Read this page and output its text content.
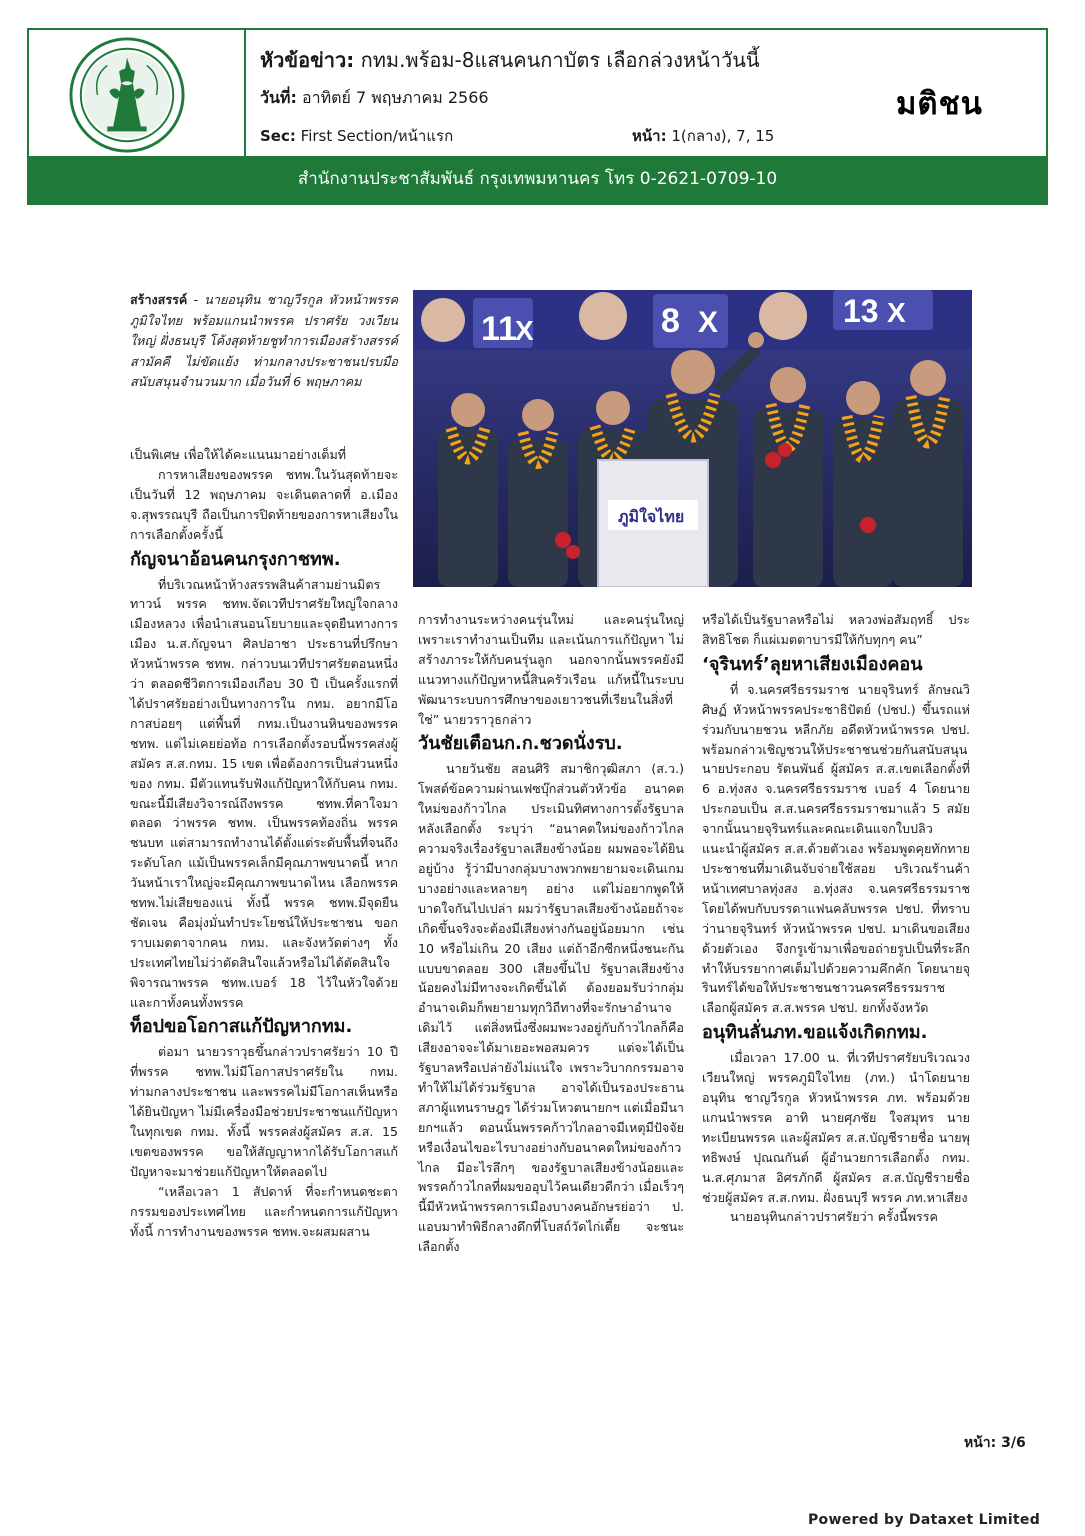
หัวข้อข่าว: กทม.พร้อม-8แสนคนกาบัตร เลือกล่วงหน้าวันนี้
วันที่: อาทิตย์ 7 พฤษภาคม 2566
Sec: First Section/หน้าแรก	หน้า: 1(กลาง), 7, 15
มติชน
สำนักงานประชาสัมพันธ์ กรุงเทพมหานคร โทร 0-2621-0709-10
สร้างสรรค์ - นายอนุทิน ชาญวีรกูล หัวหน้าพรรคภูมิใจไทย พร้อมแกนนำพรรค ปราศรัย วงเวียนใหญ่ ฝั่งธนบุรี โค้งสุดท้ายชูทำการเมืองสร้างสรรค์ สามัคคี ไม่ขัดแย้ง ท่ามกลางประชาชนปรบมือสนับสนุนจำนวนมาก เมื่อวันที่ 6 พฤษภาคม
11
X	8 X	13 X
ภูมิใจไทย

เป็นพิเศษ เพื่อให้ได้คะแนนมาอย่างเต็มที่

การหาเสียงของพรรค ชทพ.ในวันสุดท้ายจะเป็นวันที่ 12 พฤษภาคม จะเดินตลาดที่ อ.เมือง จ.สุพรรณบุรี ถือเป็นการปิดท้ายของการหาเสียงในการเลือกตั้งครั้งนี้

กัญจนาอ้อนคนกรุงกาชทพ.

ที่บริเวณหน้าห้างสรรพสินค้าสามย่านมิตรทาวน์ พรรค ชทพ.จัดเวทีปราศรัยใหญ่ใจกลางเมืองหลวง เพื่อนำเสนอนโยบายและจุดยืนทางการเมือง น.ส.กัญจนา ศิลปอาชา ประธานที่ปรึกษาหัวหน้าพรรค ชทพ. กล่าวบนเวทีปราศรัยตอนหนึ่งว่า ตลอดชีวิตการเมืองเกือบ 30 ปี เป็นครั้งแรกที่ได้ปราศรัยอย่างเป็นทางการใน กทม. อยากมีโอกาสบ่อยๆ แต่พื้นที่ กทม.เป็นงานหินของพรรค ชทพ. แต่ไม่เคยย่อท้อ การเลือกตั้งรอบนี้พรรคส่งผู้สมัคร ส.ส.กทม. 15 เขต เพื่อต้องการเป็นส่วนหนึ่งของ กทม. มีตัวแทนรับฟังแก้ปัญหาให้กับคน กทม. ขณะนี้มีเสียงวิจารณ์ถึงพรรค ชทพ.ที่คาใจมาตลอด ว่าพรรค ชทพ. เป็นพรรคท้องถิ่น พรรคชนบท แต่สามารถทำงานได้ตั้งแต่ระดับพื้นที่จนถึงระดับโลก แม้เป็นพรรคเล็กมีคุณภาพขนาดนี้ หากวันหน้าเราใหญ่จะมีคุณภาพขนาดไหน เลือกพรรค ชทพ.ไม่เสียของแน่ ทั้งนี้ พรรค ชทพ.มีจุดยืนชัดเจน คือมุ่งมั่นทำประโยชน์ให้ประชาชน ขอกราบเมตตาจากคน กทม. และจังหวัดต่างๆ ทั้งประเทศไทยไม่ว่าตัดสินใจแล้วหรือไม่ได้ตัดสินใจพิจารณาพรรค ชทพ.เบอร์ 18 ไว้ในหัวใจด้วย และกาทั้งคนทั้งพรรค

ท็อปขอโอกาสแก้ปัญหากทม.

ต่อมา นายวราวุธขึ้นกล่าวปราศรัยว่า 10 ปี ที่พรรค ชทพ.ไม่มีโอกาสปราศรัยใน กทม. ท่ามกลางประชาชน และพรรคไม่มีโอกาสเห็นหรือได้ยินปัญหา ไม่มีเครื่องมือช่วยประชาชนแก้ปัญหาในทุกเขต กทม. ทั้งนี้ พรรคส่งผู้สมัคร ส.ส. 15 เขตของพรรค ขอให้สัญญาหากได้รับโอกาสแก้ปัญหาจะมาช่วยแก้ปัญหาให้ตลอดไป

“เหลือเวลา 1 สัปดาห์ ที่จะกำหนดชะตากรรมของประเทศไทย และกำหนดการแก้ปัญหา ทั้งนี้ การทำงานของพรรค ชทพ.จะผสมผสาน

การทำงานระหว่างคนรุ่นใหม่ และคนรุ่นใหญ่ เพราะเราทำงานเป็นทีม และเน้นการแก้ปัญหา ไม่สร้างภาระให้กับคนรุ่นลูก นอกจากนั้นพรรคยังมีแนวทางแก้ปัญหาหนี้สินครัวเรือน แก้หนี้ในระบบ พัฒนาระบบการศึกษาของเยาวชนที่เรียนในสิ่งที่ใช่” นายวราวุธกล่าว

วันชัยเตือนก.ก.ชวดนั่งรบ.

นายวันชัย สอนศิริ สมาชิกวุฒิสภา (ส.ว.) โพสต์ข้อความผ่านเฟซบุ๊กส่วนตัวหัวข้อ อนาคตใหม่ของก้าวไกล ประเมินทิศทางการตั้งรัฐบาลหลังเลือกตั้ง ระบุว่า “อนาคตใหม่ของก้าวไกลความจริงเรื่องรัฐบาลเสียงข้างน้อย ผมพอจะได้ยินอยู่บ้าง รู้ว่ามีบางกลุ่มบางพวกพยายามจะเดินเกมบางอย่างและหลายๆ อย่าง แต่ไม่อยากพูดให้บาดใจกันไปเปล่า ผมว่ารัฐบาลเสียงข้างน้อยถ้าจะเกิดขึ้นจริงจะต้องมีเสียงห่างกันอยู่น้อยมาก เช่น 10 หรือไม่เกิน 20 เสียง แต่ถ้าอีกซีกหนึ่งชนะกันแบบขาดลอย 300 เสียงขึ้นไป รัฐบาลเสียงข้างน้อยคงไม่มีทางจะเกิดขึ้นได้ ต้องยอมรับว่ากลุ่มอำนาจเดิมก็พยายามทุกวิถีทางที่จะรักษาอำนาจเดิมไว้ แต่สิ่งหนึ่งซึ่งผมพะวงอยู่กับก้าวไกลก็คือเสียงอาจจะได้มาเยอะพอสมควร แต่จะได้เป็นรัฐบาลหรือเปล่ายังไม่แน่ใจ เพราะวิบากกรรมอาจทำให้ไม่ได้ร่วมรัฐบาล อาจได้เป็นรองประธานสภาผู้แทนราษฎร ได้ร่วมโหวตนายกฯ แต่เมื่อมีนายกฯแล้ว ตอนนั้นพรรคก้าวไกลอาจมีเหตุมีปัจจัยหรือเงื่อนไขอะไรบางอย่างกับอนาคตใหม่ของก้าวไกล มีอะไรลึกๆ ของรัฐบาลเสียงข้างน้อยและพรรคก้าวไกลที่ผมขออุบไว้คนเดียวดีกว่า เมื่อเร็วๆ นี้มีหัวหน้าพรรคการเมืองบางคนอักษรย่อว่า ป. แอบมาทำพิธีกลางดึกที่โบสถ์วัดไก่เตี้ย จะชนะเลือกตั้ง

หรือได้เป็นรัฐบาลหรือไม่ หลวงพ่อสัมฤทธิ์ ประสิทธิโชต ก็แผ่เมตตาบารมีให้กับทุกๆ คน”

‘จุรินทร์’ลุยหาเสียงเมืองคอน

ที่ จ.นครศรีธรรมราช นายจุรินทร์ ลักษณวิศิษฏ์ หัวหน้าพรรคประชาธิปัตย์ (ปชป.) ขึ้นรถแห่ร่วมกับนายชวน หลีกภัย อดีตหัวหน้าพรรค ปชป. พร้อมกล่าวเชิญชวนให้ประชาชนช่วยกันสนับสนุนนายประกอบ รัตนพันธ์ ผู้สมัคร ส.ส.เขตเลือกตั้งที่ 6 อ.ทุ่งสง จ.นครศรีธรรมราช เบอร์ 4 โดยนายประกอบเป็น ส.ส.นครศรีธรรมราชมาแล้ว 5 สมัย จากนั้นนายจุรินทร์และคณะเดินแจกใบปลิวแนะนำผู้สมัคร ส.ส.ด้วยตัวเอง พร้อมพูดคุยทักทายประชาชนที่มาเดินจับจ่ายใช้สอย บริเวณร้านค้าหน้าเทศบาลทุ่งสง อ.ทุ่งสง จ.นครศรีธรรมราช โดยได้พบกับบรรดาแฟนคลับพรรค ปชป. ที่ทราบว่านายจุรินทร์ หัวหน้าพรรค ปชป. มาเดินขอเสียงด้วยตัวเอง จึงกรูเข้ามาเพื่อขอถ่ายรูปเป็นที่ระลึก ทำให้บรรยากาศเต็มไปด้วยความคึกคัก โดยนายจุรินทร์ได้ขอให้ประชาชนชาวนครศรีธรรมราช เลือกผู้สมัคร ส.ส.พรรค ปชป. ยกทั้งจังหวัด

อนุทินลั่นภท.ขอแจ้งเกิดกทม.

เมื่อเวลา 17.00 น. ที่เวทีปราศรัยบริเวณวงเวียนใหญ่ พรรคภูมิใจไทย (ภท.) นำโดยนายอนุทิน ชาญวีรกูล หัวหน้าพรรค ภท. พร้อมด้วยแกนนำพรรค อาทิ นายศุภชัย ใจสมุทร นายทะเบียนพรรค และผู้สมัคร ส.ส.บัญชีรายชื่อ นายพุทธิพงษ์ ปุณณกันต์ ผู้อำนวยการเลือกตั้ง กทม. น.ส.ศุภมาส อิศรภักดี ผู้สมัคร ส.ส.บัญชีรายชื่อ ช่วยผู้สมัคร ส.ส.กทม. ฝั่งธนบุรี พรรค ภท.หาเสียง

นายอนุทินกล่าวปราศรัยว่า ครั้งนี้พรรค

หน้า: 3/6
Powered by Dataxet Limited
